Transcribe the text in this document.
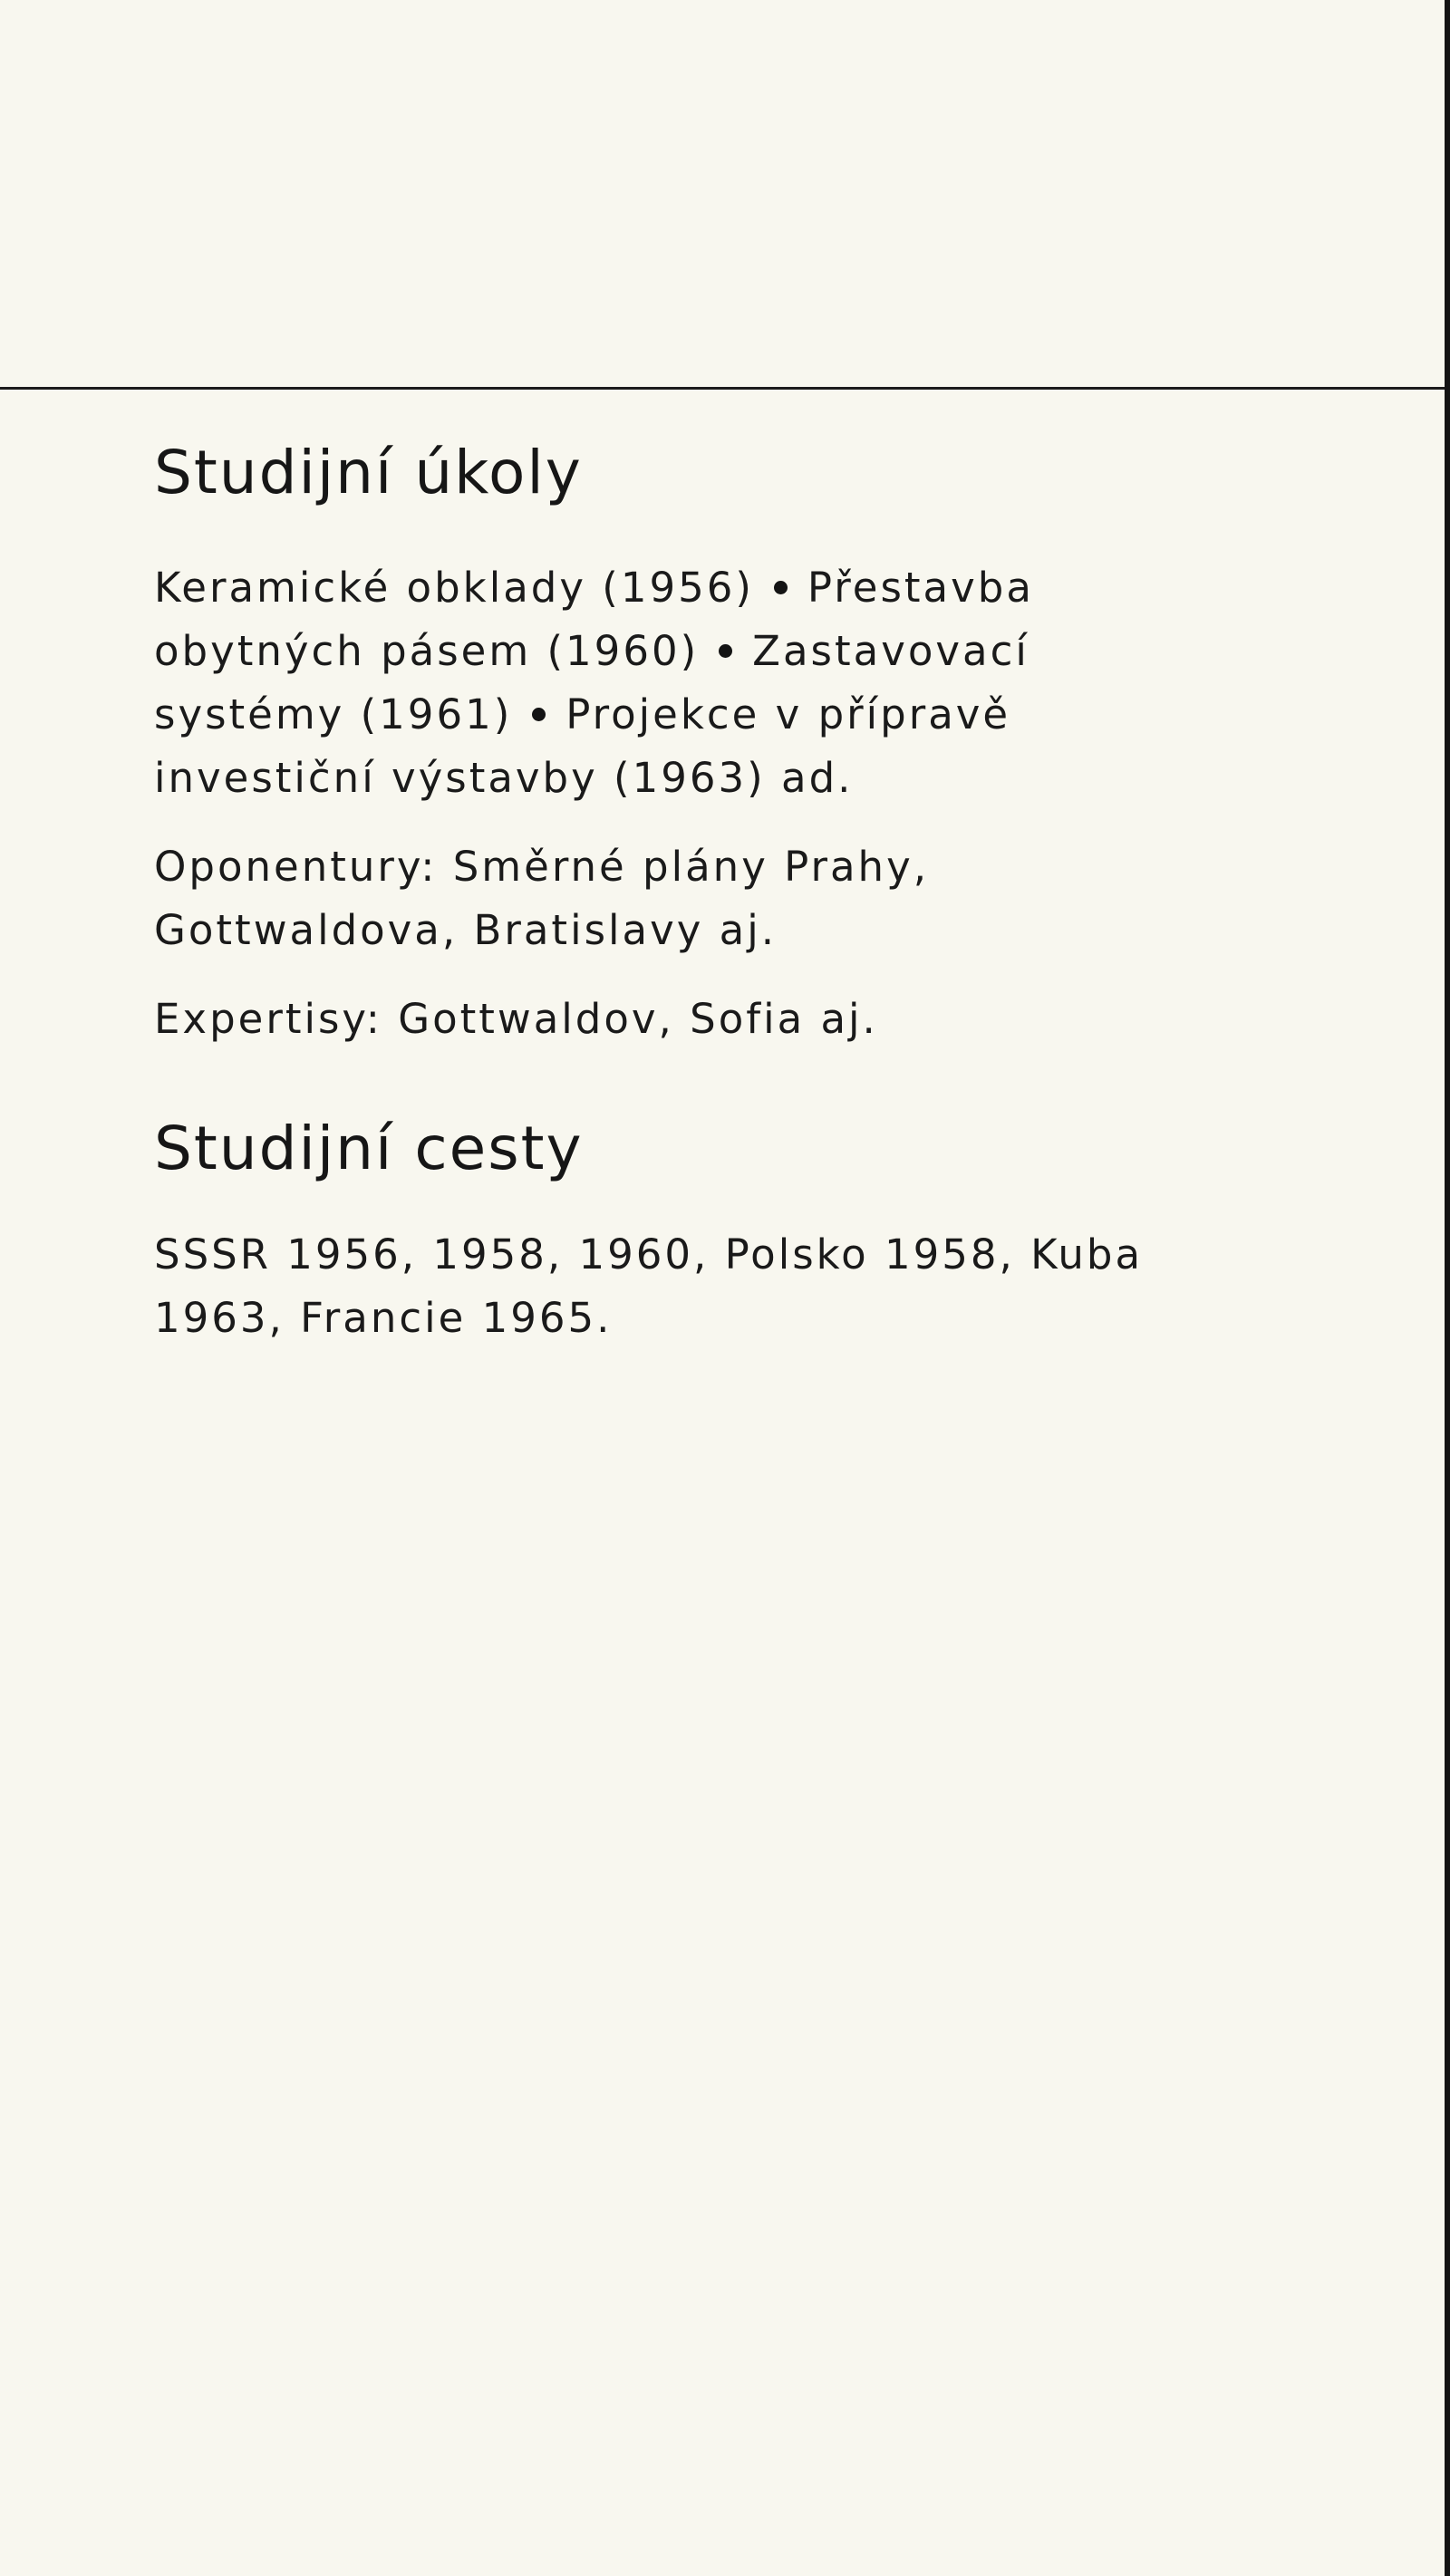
Studijní úkoly

Keramické obklady (1956) Přestavba obytných pásem (1960) Zastavovací systémy (1961) Projekce v přípravě investiční výstavby (1963) ad.

Oponentury: Směrné plány Prahy, Gottwaldova, Bratislavy aj.

Expertisy: Gottwaldov, Sofia aj.

Studijní cesty

SSSR 1956, 1958, 1960, Polsko 1958, Kuba 1963, Francie 1965.
